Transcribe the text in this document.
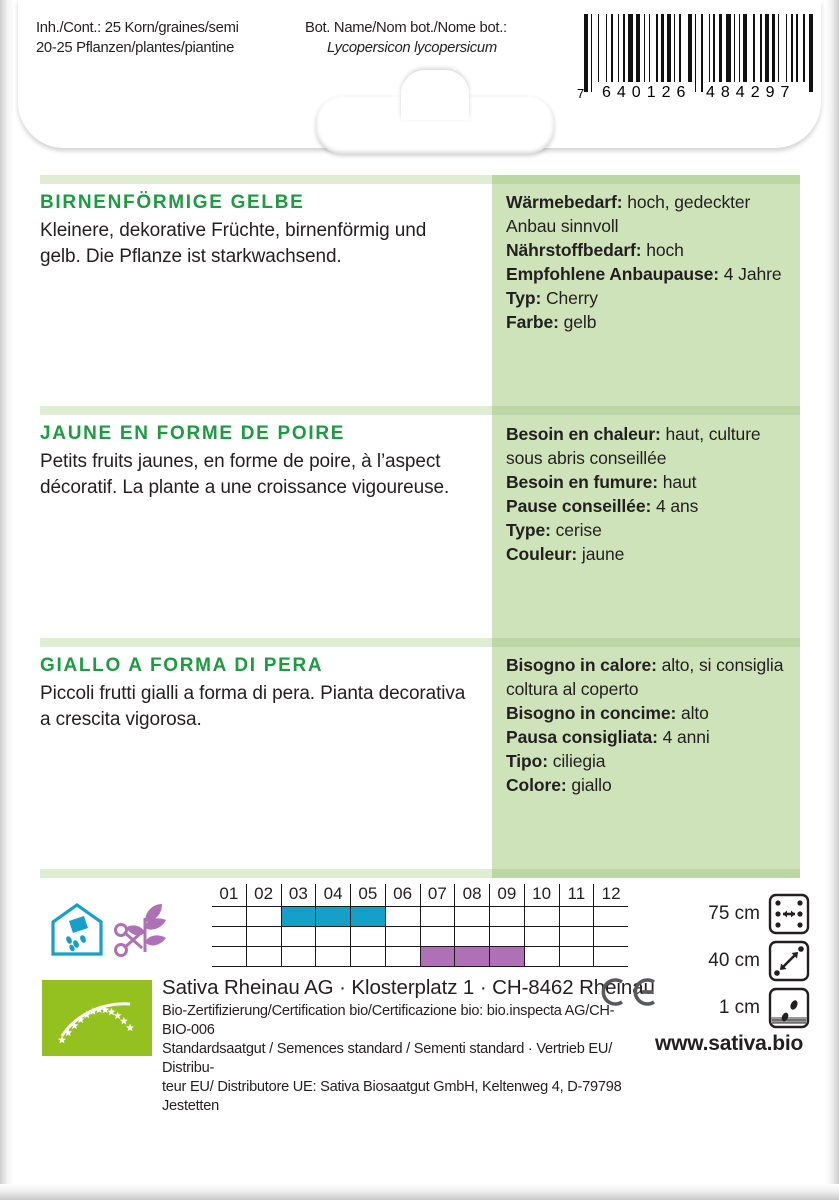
Inh./Cont.: 25 Korn/graines/semi
20-25 Pflanzen/plantes/piantine
Bot. Name/Nom bot./Nome bot.:
Lycopersicon lycopersicum
7 640126 484297

BIRNENFÖRMIGE GELBE

Kleinere, dekorative Früchte, birnenförmig und gelb. Die Pflanze ist starkwachsend.

Wärmebedarf: hoch, gedeckter Anbau sinnvoll

Nährstoffbedarf: hoch

Empfohlene Anbaupause: 4 Jahre

Typ: Cherry

Farbe: gelb

JAUNE EN FORME DE POIRE

Petits fruits jaunes, en forme de poire, à l’aspect décoratif. La plante a une croissance vigoureuse.

Besoin en chaleur: haut, culture sous abris conseillée

Besoin en fumure: haut

Pause conseillée: 4 ans

Type: cerise

Couleur: jaune

GIALLO A FORMA DI PERA

Piccoli frutti gialli a forma di pera. Pianta decorativa a crescita vigorosa.

Bisogno in calore: alto, si consiglia coltura al coperto

Bisogno in concime: alto

Pausa consigliata: 4 anni

Tipo: ciliegia

Colore: giallo

01 02 03 04 05 06 07 08 09 10 11 12
75 cm
40 cm
1 cm

Sativa Rheinau AG · Klosterplatz 1 · CH-8462 Rheinau

Bio-Zertifizierung/Certification bio/Certificazione bio: bio.inspecta AG/CH-BIO-006

Standardsaatgut / Semences standard / Sementi standard · Vertrieb EU/ Distribu-

teur EU/ Distributore UE: Sativa Biosaatgut GmbH, Keltenweg 4, D-79798 Jestetten

www.sativa.bio
